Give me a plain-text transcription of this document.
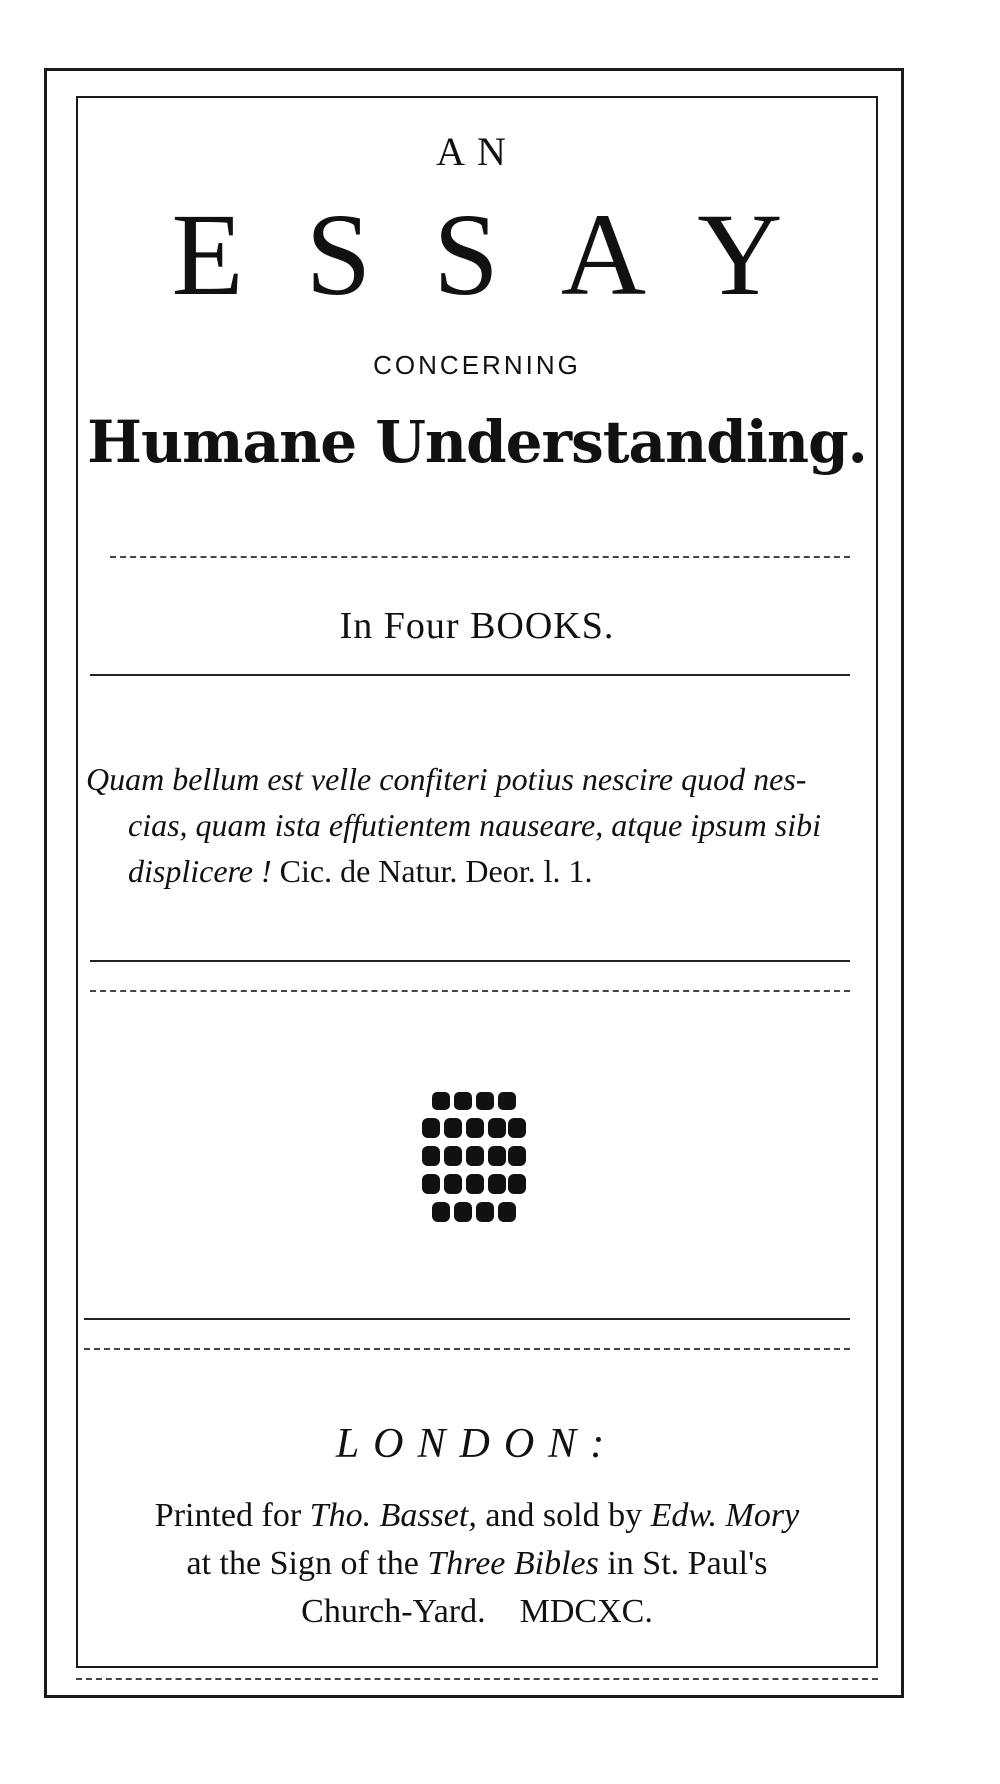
AN

ESSAY

CONCERNING

Humane Understanding.

In Four BOOKS.

Quam bellum est velle confiteri potius nescire quod nes-
cias, quam ista effutientem nauseare, atque ipsum sibi
displicere ! Cic. de Natur. Deor. l. 1.

LONDON:

Printed for Tho. Basset, and sold by Edw. Mory
at the Sign of the Three Bibles in St. Paul's
Church-Yard. MDCXC.
